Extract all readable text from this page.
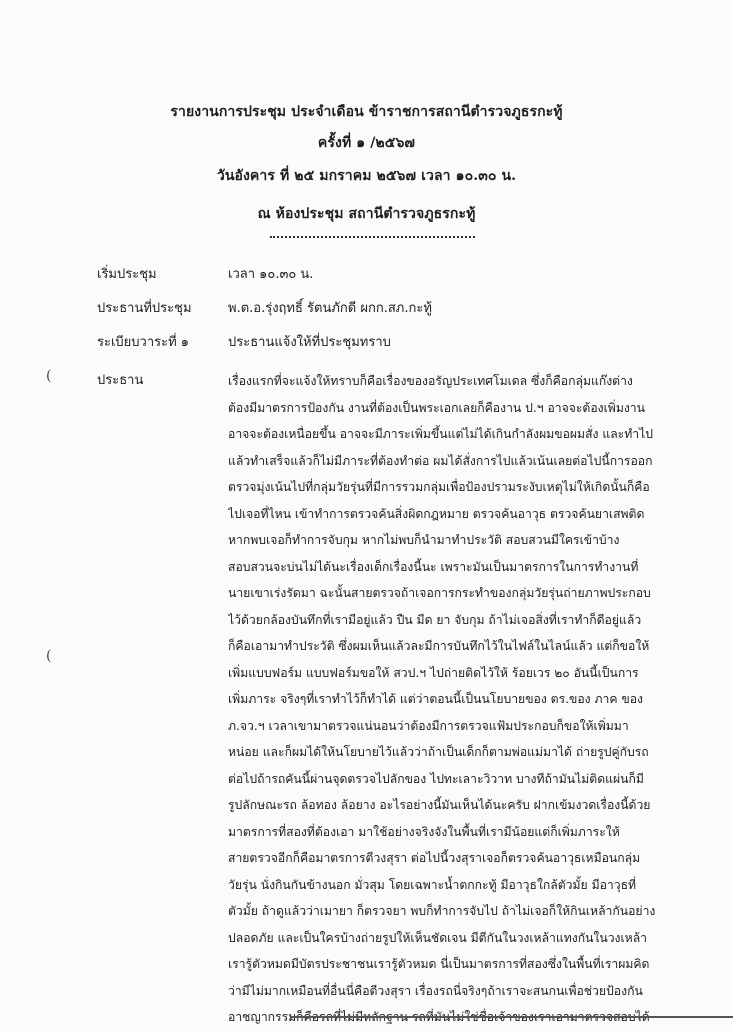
รายงานการประชุม ประจำเดือน ข้าราชการสถานีตำรวจภูธรกะทู้
ครั้งที่ ๑ /๒๕๖๗
วันอังคาร ที่ ๒๕ มกราคม ๒๕๖๗ เวลา ๑๐.๓๐ น.
ณ ห้องประชุม สถานีตำรวจภูธรกะทู้
เริ่มประชุม	เวลา ๑๐.๓๐ น.
ประธานที่ประชุม	พ.ต.อ.รุ่งฤทธิ์ รัตนภักดี ผกก.สภ.กะทู้
ระเบียบวาระที่ ๑	ประธานแจ้งให้ที่ประชุมทราบ
ประธาน	เรื่องแรกที่จะแจ้งให้ทราบก็คือเรื่องของอรัญประเทศโมเดล ซึ่งก็คือกลุ่มแก๊งต่าง
ต้องมีมาตรการป้องกัน งานที่ต้องเป็นพระเอกเลยก็คืองาน ป.ฯ อาจจะต้องเพิ่มงาน
อาจจะต้องเหนื่อยขึ้น อาจจะมีภาระเพิ่มขึ้นแต่ไม่ได้เกินกำลังผมขอผมสั่ง และทำไป
แล้วทำเสร็จแล้วก็ไม่มีภาระที่ต้องทำต่อ ผมได้สั่งการไปแล้วเน้นเลยต่อไปนี้การออก
ตรวจมุ่งเน้นไปที่กลุ่มวัยรุ่นที่มีการรวมกลุ่มเพื่อป้องปรามระงับเหตุไม่ให้เกิดนั้นก็คือ
ไปเจอที่ไหน เข้าทำการตรวจค้นสิ่งผิดกฎหมาย ตรวจค้นอาวุธ ตรวจค้นยาเสพติด
หากพบเจอก็ทำการจับกุม หากไม่พบก็นำมาทำประวัติ สอบสวนมีใครเข้าบ้าง
สอบสวนจะบ่นไม่ได้นะเรื่องเด็กเรื่องนี้นะ เพราะมันเป็นมาตรการในการทำงานที่
นายเขาเร่งรัดมา ฉะนั้นสายตรวจถ้าเจอการกระทำของกลุ่มวัยรุ่นถ่ายภาพประกอบ
ไว้ด้วยกล้องบันทึกที่เรามีอยู่แล้ว ปืน มีด ยา จับกุม ถ้าไม่เจอสิ่งที่เราทำก็ดีอยู่แล้ว
ก็คือเอามาทำประวัติ ซึ่งผมเห็นแล้วละมีการบันทึกไว้ในไฟล์ในไลน์แล้ว แต่ก็ขอให้
เพิ่มแบบฟอร์ม แบบฟอร์มขอให้ สวป.ฯ ไปถ่ายติดไว้ให้ ร้อยเวร ๒๐ อันนี้เป็นการ
เพิ่มภาระ จริงๆที่เราทำไว้ก็ทำได้ แต่ว่าตอนนี้เป็นนโยบายของ ตร.ของ ภาค ของ
ภ.จว.ฯ เวลาเขามาตรวจแน่นอนว่าต้องมีการตรวจแฟ้มประกอบก็ขอให้เพิ่มมา
หน่อย และก็ผมได้ให้นโยบายไว้แล้วว่าถ้าเป็นเด็กก็ตามพ่อแม่มาได้ ถ่ายรูปคู่กับรถ
ต่อไปถ้ารถคันนี้ผ่านจุดตรวจไปลักของ ไปทะเลาะวิวาท บางทีถ้ามันไม่ติดแผ่นก็มี
รูปลักษณะรถ ล้อทอง ล้อยาง อะไรอย่างนี้มันเห็นได้นะครับ ฝากเข้มงวดเรื่องนี้ด้วย
มาตรการที่สองที่ต้องเอา มาใช้อย่างจริงจังในพื้นที่เรามีน้อยแต่ก็เพิ่มภาระให้
สายตรวจอีกก็คือมาตรการตีวงสุรา ต่อไปนี้วงสุราเจอก็ตรวจค้นอาวุธเหมือนกลุ่ม
วัยรุ่น นั่งกินกันข้างนอก มั่วสุม โดยเฉพาะน้ำตกกะทู้ มีอาวุธใกล้ตัวมั้ย มีอาวุธที่
ตัวมั้ย ถ้าดูแล้วว่าเมายา ก็ตรวจยา พบก็ทำการจับไป ถ้าไม่เจอก็ให้กินเหล้ากันอย่าง
ปลอดภัย และเป็นใครบ้างถ่ายรูปให้เห็นชัดเจน มีตีกันในวงเหล้าแทงกันในวงเหล้า
เรารู้ตัวหมดมีบัตรประชาชนเรารู้ตัวหมด นี่เป็นมาตรการที่สองซึ่งในพื้นที่เราผมคิด
ว่ามีไม่มากเหมือนที่อื่นนี่คือตีวงสุรา เรื่องรถนี่จริงๆถ้าเราจะสนกนเพื่อช่วยป้องกัน
อาชญากรรมก็คือรถที่ไม่มีหลักฐาน รถที่มันไม่ใช่ชื่อเจ้าของเราเอามาตรวจสอบได้
(
(
